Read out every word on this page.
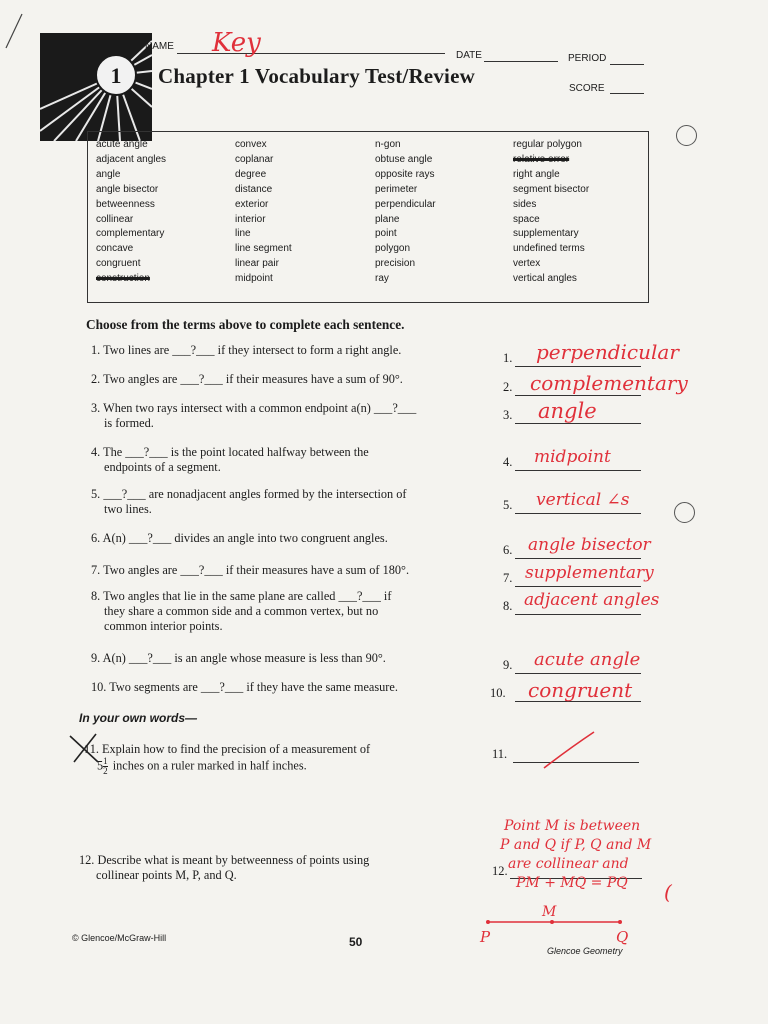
1
NAME Key	DATE	PERIOD
SCORE
Chapter 1 Vocabulary Test/Review
acute angle
adjacent angles
angle
angle bisector
betweenness
collinear
complementary
concave
congruent
construction
convex
coplanar
degree
distance
exterior
interior
line
line segment
linear pair
midpoint
n-gon
obtuse angle
opposite rays
perimeter
perpendicular
plane
point
polygon
precision
ray
regular polygon
relative error
right angle
segment bisector
sides
space
supplementary
undefined terms
vertex
vertical angles
Choose from the terms above to complete each sentence.
1. Two lines are ___?___ if they intersect to form a right angle.
1. perpendicular
2. Two angles are ___?___ if their measures have a sum of 90°.
2. complementary
3. When two rays intersect with a common endpoint a(n) ___?___
is formed.
3. angle
4. The ___?___ is the point located halfway between the
endpoints of a segment.	4. midpoint
5. ___?___ are nonadjacent angles formed by the intersection of
two lines.	5. vertical ∠s
6. A(n) ___?___ divides an angle into two congruent angles.
6. angle bisector
7. Two angles are ___?___ if their measures have a sum of 180°.
7. supplementary
8. Two angles that lie in the same plane are called ___?___ if
they share a common side and a common vertex, but no
common interior points.
8. adjacent angles
9. A(n) ___?___ is an angle whose measure is less than 90°.	9. acute angle
10. Two segments are ___?___ if they have the same measure.	10. congruent
In your own words—
11. Explain how to find the precision of a measurement of
$5 \frac{1}{2}$ inches on a ruler marked in half inches.
11.
12. Describe what is meant by betweenness of points using
collinear points M, P, and Q.	12.
Point M is between
P and Q if P, Q and M
are collinear and
PM + MQ = PQ	(
P
M
Q
© Glencoe/McGraw-Hill	50
Glencoe Geometry
